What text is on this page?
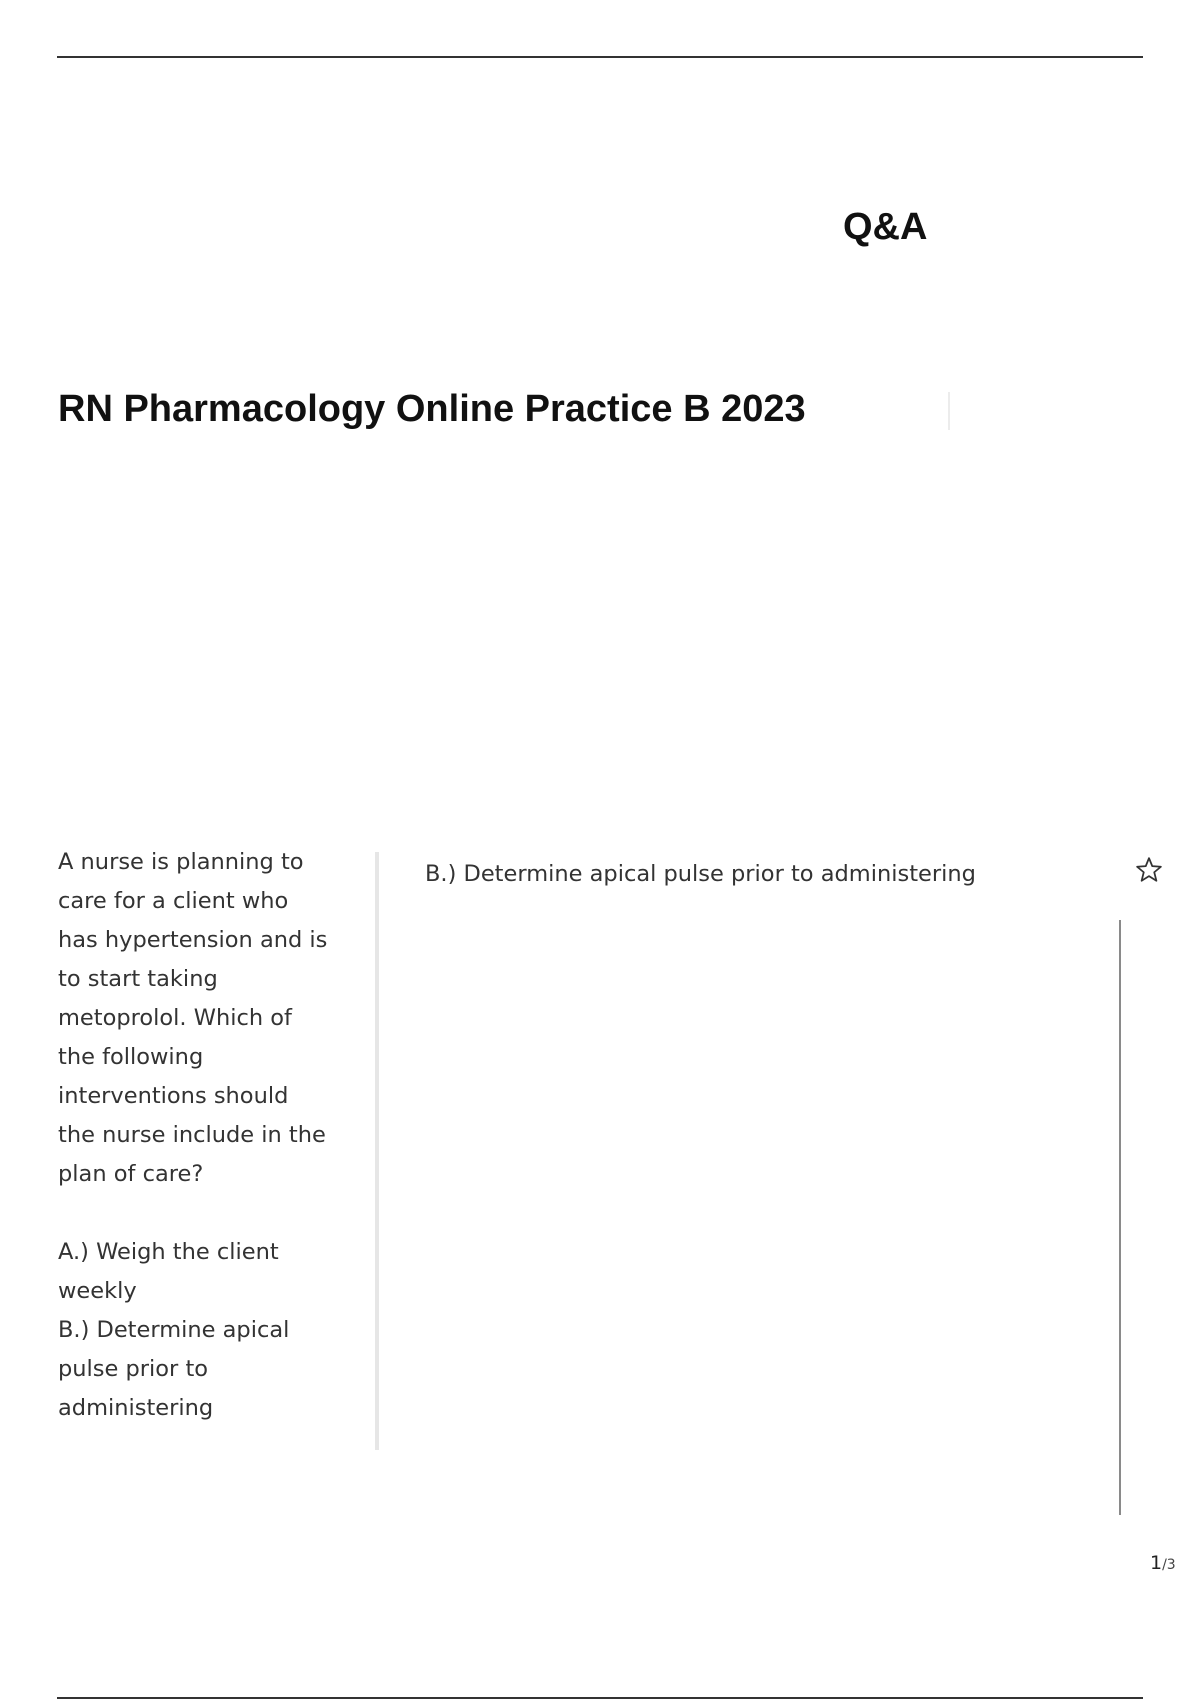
Q&A
RN Pharmacology Online Practice B 2023

A nurse is planning to

care for a client who

has hypertension and is

to start taking

metoprolol. Which of

the following

interventions should

the nurse include in the

plan of care?

A.) Weigh the client

weekly

B.) Determine apical

pulse prior to

administering

B.) Determine apical pulse prior to administering
1/3
